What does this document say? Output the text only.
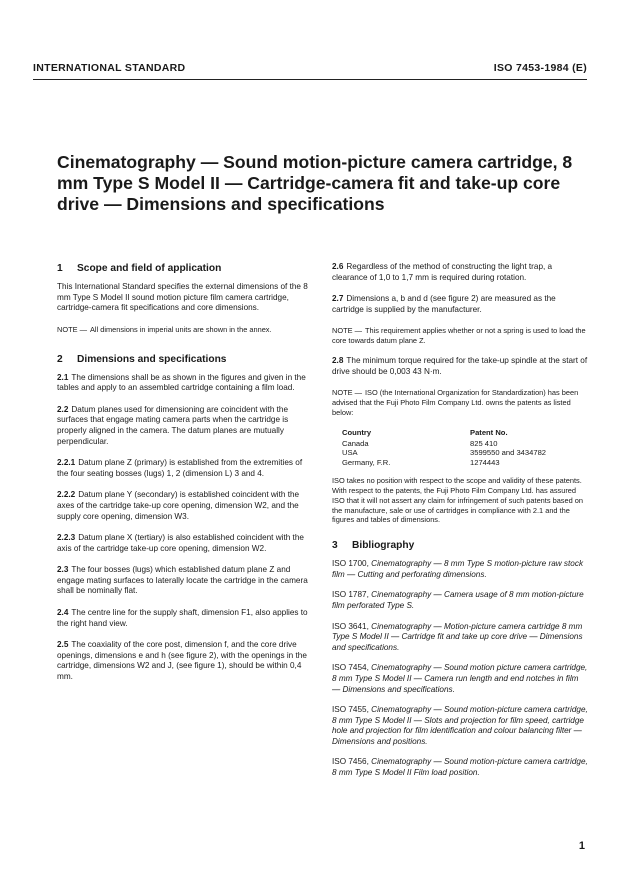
INTERNATIONAL STANDARD	ISO 7453-1984 (E)
Cinematography — Sound motion-picture camera cartridge, 8 mm Type S Model II — Cartridge-camera fit and take-up core drive — Dimensions and specifications
1 Scope and field of application

This International Standard specifies the external dimensions of the 8 mm Type S Model II sound motion picture film camera cartridge, cartridge-camera fit specifications and core dimensions.

NOTE — All dimensions in imperial units are shown in the annex.

2 Dimensions and specifications

2.1 The dimensions shall be as shown in the figures and given in the tables and apply to an assembled cartridge containing a film load.

2.2 Datum planes used for dimensioning are coincident with the surfaces that engage mating camera parts when the cartridge is properly aligned in the camera. The datum planes are mutually perpendicular.

2.2.1 Datum plane Z (primary) is established from the extremities of the four seating bosses (lugs) 1, 2 (dimension L) 3 and 4.

2.2.2 Datum plane Y (secondary) is established coincident with the axes of the cartridge take-up core opening, dimension W2, and the supply core opening, dimension W3.

2.2.3 Datum plane X (tertiary) is also established coincident with the axis of the cartridge take-up core opening, dimension W2.

2.3 The four bosses (lugs) which established datum plane Z and engage mating surfaces to laterally locate the cartridge in the camera shall be nominally flat.

2.4 The centre line for the supply shaft, dimension F1, also applies to the right hand view.

2.5 The coaxiality of the core post, dimension f, and the core drive openings, dimensions e and h (see figure 2), with the openings in the cartridge, dimensions W2 and J, (see figure 1), should be within 0,4 mm.

2.6 Regardless of the method of constructing the light trap, a clearance of 1,0 to 1,7 mm is required during rotation.

2.7 Dimensions a, b and d (see figure 2) are measured as the cartridge is supplied by the manufacturer.

NOTE — This requirement applies whether or not a spring is used to load the core towards datum plane Z.

2.8 The minimum torque required for the take-up spindle at the start of drive should be 0,003 43 N·m.

NOTE — ISO (the International Organization for Standardization) has been advised that the Fuji Photo Film Company Ltd. owns the patents as listed below:

Country	Patent No.
Canada	825 410
USA	3599550 and 3434782
Germany, F.R.	1274443

ISO takes no position with respect to the scope and validity of these patents. With respect to the patents, the Fuji Photo Film Company Ltd. has assured ISO that it will not assert any claim for infringement of such patents based on the manufacture, sale or use of cartridges in compliance with 2.1 and the figures and tables of dimensions.

3 Bibliography

ISO 1700, Cinematography — 8 mm Type S motion-picture raw stock film — Cutting and perforating dimensions.

ISO 1787, Cinematography — Camera usage of 8 mm motion-picture film perforated Type S.

ISO 3641, Cinematography — Motion-picture camera cartridge 8 mm Type S Model II — Cartridge fit and take up core drive — Dimensions and specifications.

ISO 7454, Cinematography — Sound motion picture camera cartridge, 8 mm Type S Model II — Camera run length and end notches in film — Dimensions and specifications.

ISO 7455, Cinematography — Sound motion-picture camera cartridge, 8 mm Type S Model II — Slots and projection for film speed, cartridge hole and projection for film identification and colour balancing filter — Dimensions and positions.

ISO 7456, Cinematography — Sound motion-picture camera cartridge, 8 mm Type S Model II Film load position.

1
